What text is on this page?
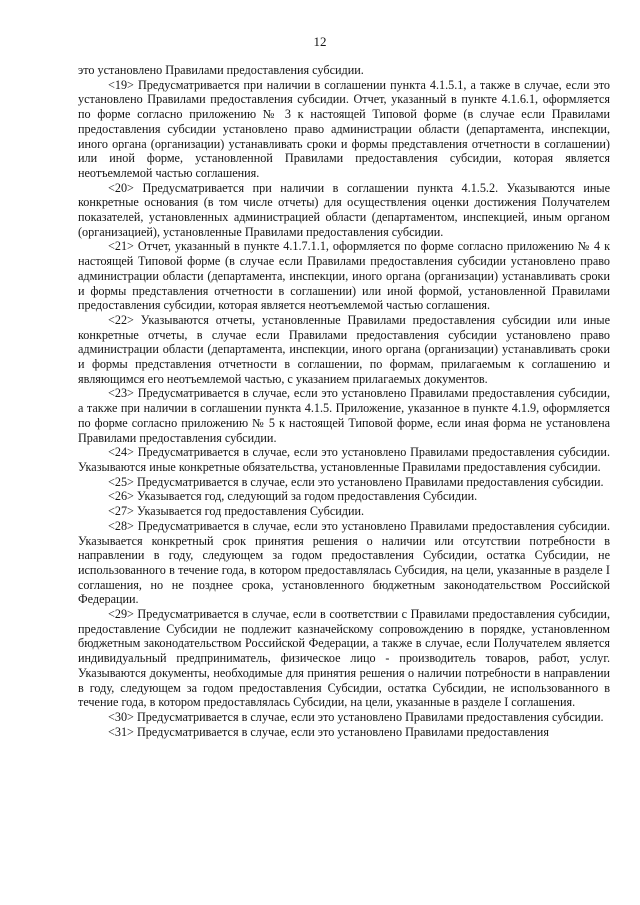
12

это установлено Правилами предоставления субсидии.

<19> Предусматривается при наличии в соглашении пункта 4.1.5.1, а также в случае, если это установлено Правилами предоставления субсидии. Отчет, указанный в пункте 4.1.6.1, оформляется по форме согласно приложению № 3 к настоящей Типовой форме (в случае если Правилами предоставления субсидии установлено право администрации области (департамента, инспекции, иного органа (организации) устанавливать сроки и формы представления отчетности в соглашении) или иной форме, установленной Правилами предоставления субсидии, которая является неотъемлемой частью соглашения.

<20> Предусматривается при наличии в соглашении пункта 4.1.5.2. Указываются иные конкретные основания (в том числе отчеты) для осуществления оценки достижения Получателем показателей, установленных администрацией области (департаментом, инспекцией, иным органом (организацией), установленные Правилами предоставления субсидии.

<21> Отчет, указанный в пункте 4.1.7.1.1, оформляется по форме согласно приложению № 4 к настоящей Типовой форме (в случае если Правилами предоставления субсидии установлено право администрации области (департамента, инспекции, иного органа (организации) устанавливать сроки и формы представления отчетности в соглашении) или иной формой, установленной Правилами предоставления субсидии, которая является неотъемлемой частью соглашения.

<22> Указываются отчеты, установленные Правилами предоставления субсидии или иные конкретные отчеты, в случае если Правилами предоставления субсидии установлено право администрации области (департамента, инспекции, иного органа (организации) устанавливать сроки и формы представления отчетности в соглашении, по формам, прилагаемым к соглашению и являющимся его неотъемлемой частью, с указанием прилагаемых документов.

<23> Предусматривается в случае, если это установлено Правилами предоставления субсидии, а также при наличии в соглашении пункта 4.1.5. Приложение, указанное в пункте 4.1.9, оформляется по форме согласно приложению № 5 к настоящей Типовой форме, если иная форма не установлена Правилами предоставления субсидии.

<24> Предусматривается в случае, если это установлено Правилами предоставления субсидии. Указываются иные конкретные обязательства, установленные Правилами предоставления субсидии.

<25> Предусматривается в случае, если это установлено Правилами предоставления субсидии.

<26> Указывается год, следующий за годом предоставления Субсидии.

<27> Указывается год предоставления Субсидии.

<28> Предусматривается в случае, если это установлено Правилами предоставления субсидии. Указывается конкретный срок принятия решения о наличии или отсутствии потребности в направлении в году, следующем за годом предоставления Субсидии, остатка Субсидии, не использованного в течение года, в котором предоставлялась Субсидия, на цели, указанные в разделе I соглашения, но не позднее срока, установленного бюджетным законодательством Российской Федерации.

<29> Предусматривается в случае, если в соответствии с Правилами предоставления субсидии, предоставление Субсидии не подлежит казначейскому сопровождению в порядке, установленном бюджетным законодательством Российской Федерации, а также в случае, если Получателем является индивидуальный предприниматель, физическое лицо - производитель товаров, работ, услуг. Указываются документы, необходимые для принятия решения о наличии потребности в направлении в году, следующем за годом предоставления Субсидии, остатка Субсидии, не использованного в течение года, в котором предоставлялась Субсидии, на цели, указанные в разделе I соглашения.

<30> Предусматривается в случае, если это установлено Правилами предоставления субсидии.

<31> Предусматривается в случае, если это установлено Правилами предоставления
